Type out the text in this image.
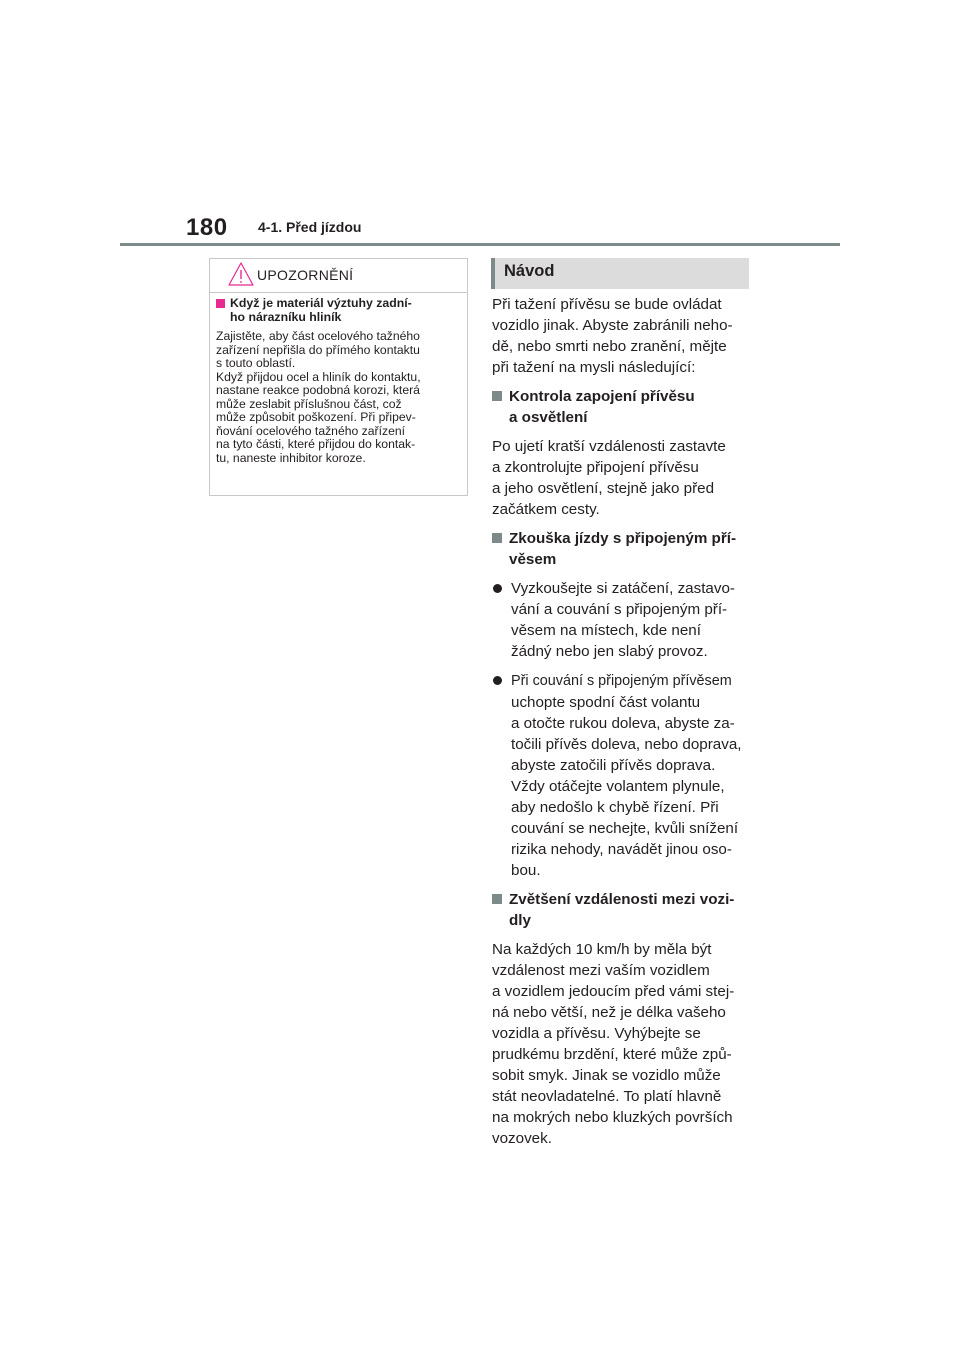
180 4-1. Před jízdou
UPOZORNĚNÍ
Když je materiál výztuhy zadní-
ho nárazníku hliník
Zajistěte, aby část ocelového tažného
zařízení nepřišla do přímého kontaktu
s touto oblastí.
Když přijdou ocel a hliník do kontaktu,
nastane reakce podobná korozi, která
může zeslabit příslušnou část, což
může způsobit poškození. Při připev-
ňování ocelového tažného zařízení
na tyto části, které přijdou do kontak-
tu, naneste inhibitor koroze.
Návod
Při tažení přívěsu se bude ovládat
vozidlo jinak. Abyste zabránili neho-
dě, nebo smrti nebo zranění, mějte
při tažení na mysli následující:
Kontrola zapojení přívěsu
a osvětlení
Po ujetí kratší vzdálenosti zastavte
a zkontrolujte připojení přívěsu
a jeho osvětlení, stejně jako před
začátkem cesty.
Zkouška jízdy s připojeným pří-
věsem
Vyzkoušejte si zatáčení, zastavo-
vání a couvání s připojeným pří-
věsem na místech, kde není
žádný nebo jen slabý provoz.
Při couvání s připojeným přívěsem
uchopte spodní část volantu
a otočte rukou doleva, abyste za-
točili přívěs doleva, nebo doprava,
abyste zatočili přívěs doprava.
Vždy otáčejte volantem plynule,
aby nedošlo k chybě řízení. Při
couvání se nechejte, kvůli snížení
rizika nehody, navádět jinou oso-
bou.
Zvětšení vzdálenosti mezi vozi-
dly
Na každých 10 km/h by měla být
vzdálenost mezi vaším vozidlem
a vozidlem jedoucím před vámi stej-
ná nebo větší, než je délka vašeho
vozidla a přívěsu. Vyhýbejte se
prudkému brzdění, které může způ-
sobit smyk. Jinak se vozidlo může
stát neovladatelné. To platí hlavně
na mokrých nebo kluzkých površích
vozovek.
